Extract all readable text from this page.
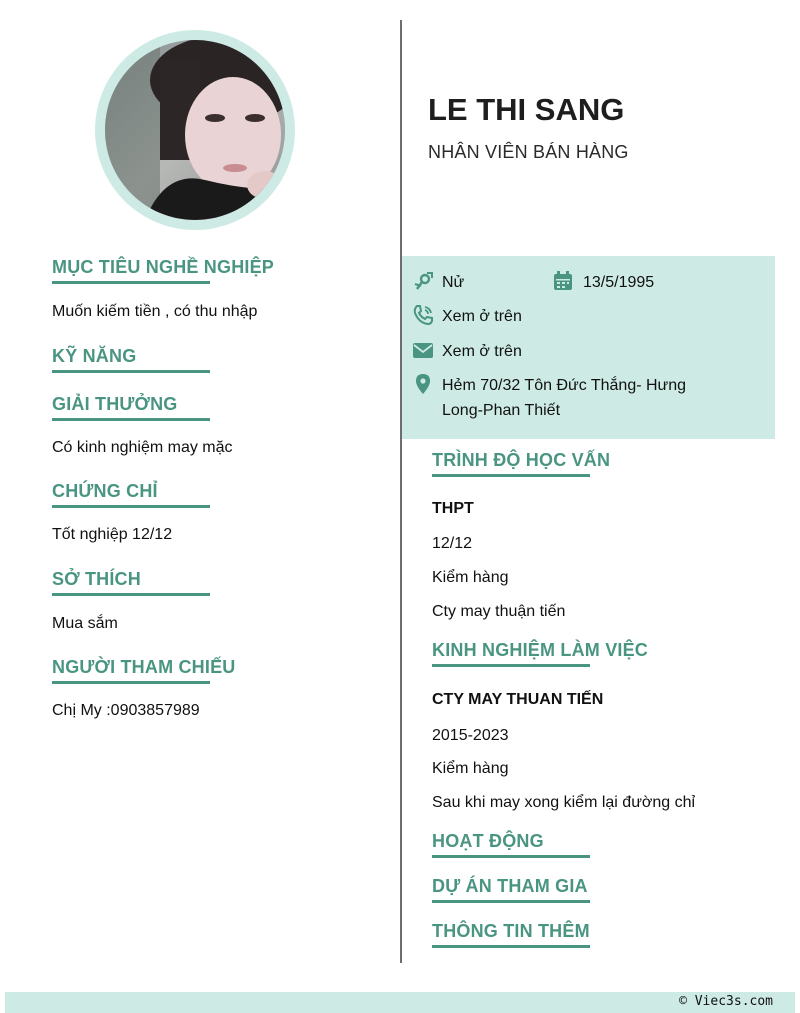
LE THI SANG
NHÂN VIÊN BÁN HÀNG
MỤC TIÊU NGHỀ NGHIỆP
Muốn kiếm tiền , có thu nhập
KỸ NĂNG
GIẢI THƯỞNG
Có kinh nghiệm may mặc
CHỨNG CHỈ
Tốt nghiệp 12/12
SỞ THÍCH
Mua sắm
NGƯỜI THAM CHIẾU
Chị My :0903857989
Nử	13/5/1995
Xem ở trên
Xem ở trên
Hẻm 70/32 Tôn Đức Thắng- Hưng
Long-Phan Thiết
TRÌNH ĐỘ HỌC VẤN
THPT
12/12
Kiểm hàng
Cty may thuận tiến
KINH NGHIỆM LÀM VIỆC
CTY MAY THUAN TIẾN
2015-2023
Kiểm hàng
Sau khi may xong kiểm lại đường chỉ
HOẠT ĐỘNG
DỰ ÁN THAM GIA
THÔNG TIN THÊM
© Viec3s.com
